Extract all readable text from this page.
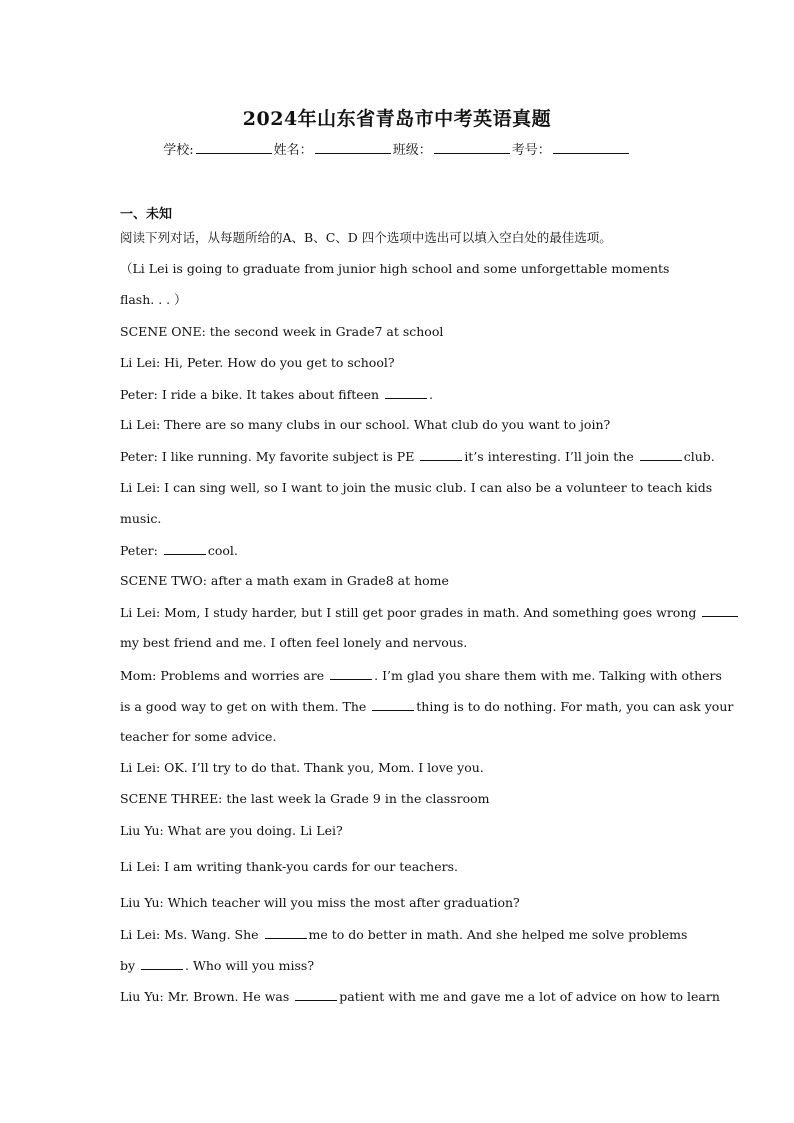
2024年山东省青岛市中考英语真题
学校:	姓名：	班级：	考号：
一、未知
阅读下列对话，从每题所给的A、B、C、D 四个选项中选出可以填入空白处的最佳选项。
（Li Lei is going to graduate from junior high school and some unforgettable moments
flash. . . ）
SCENE ONE: the second week in Grade7 at school
Li Lei: Hi, Peter. How do you get to school?
Peter: I ride a bike. It takes about fifteen	.
Li Lei: There are so many clubs in our school. What club do you want to join?
Peter: I like running. My favorite subject is PE	it’s interesting. I’ll join the	club.
Li Lei: I can sing well, so I want to join the music club. I can also be a volunteer to teach kids
music.
Peter:	cool.
SCENE TWO: after a math exam in Grade8 at home
Li Lei: Mom, I study harder, but I still get poor grades in math. And something goes wrong
my best friend and me. I often feel lonely and nervous.
Mom: Problems and worries are	. I’m glad you share them with me. Talking with others
is a good way to get on with them. The	thing is to do nothing. For math, you can ask your
teacher for some advice.
Li Lei: OK. I’ll try to do that. Thank you, Mom. I love you.
SCENE THREE: the last week la Grade 9 in the classroom
Liu Yu: What are you doing. Li Lei?
Li Lei: I am writing thank-you cards for our teachers.
Liu Yu: Which teacher will you miss the most after graduation?
Li Lei: Ms. Wang. She	me to do better in math. And she helped me solve problems
by	. Who will you miss?
Liu Yu: Mr. Brown. He was	patient with me and gave me a lot of advice on how to learn
